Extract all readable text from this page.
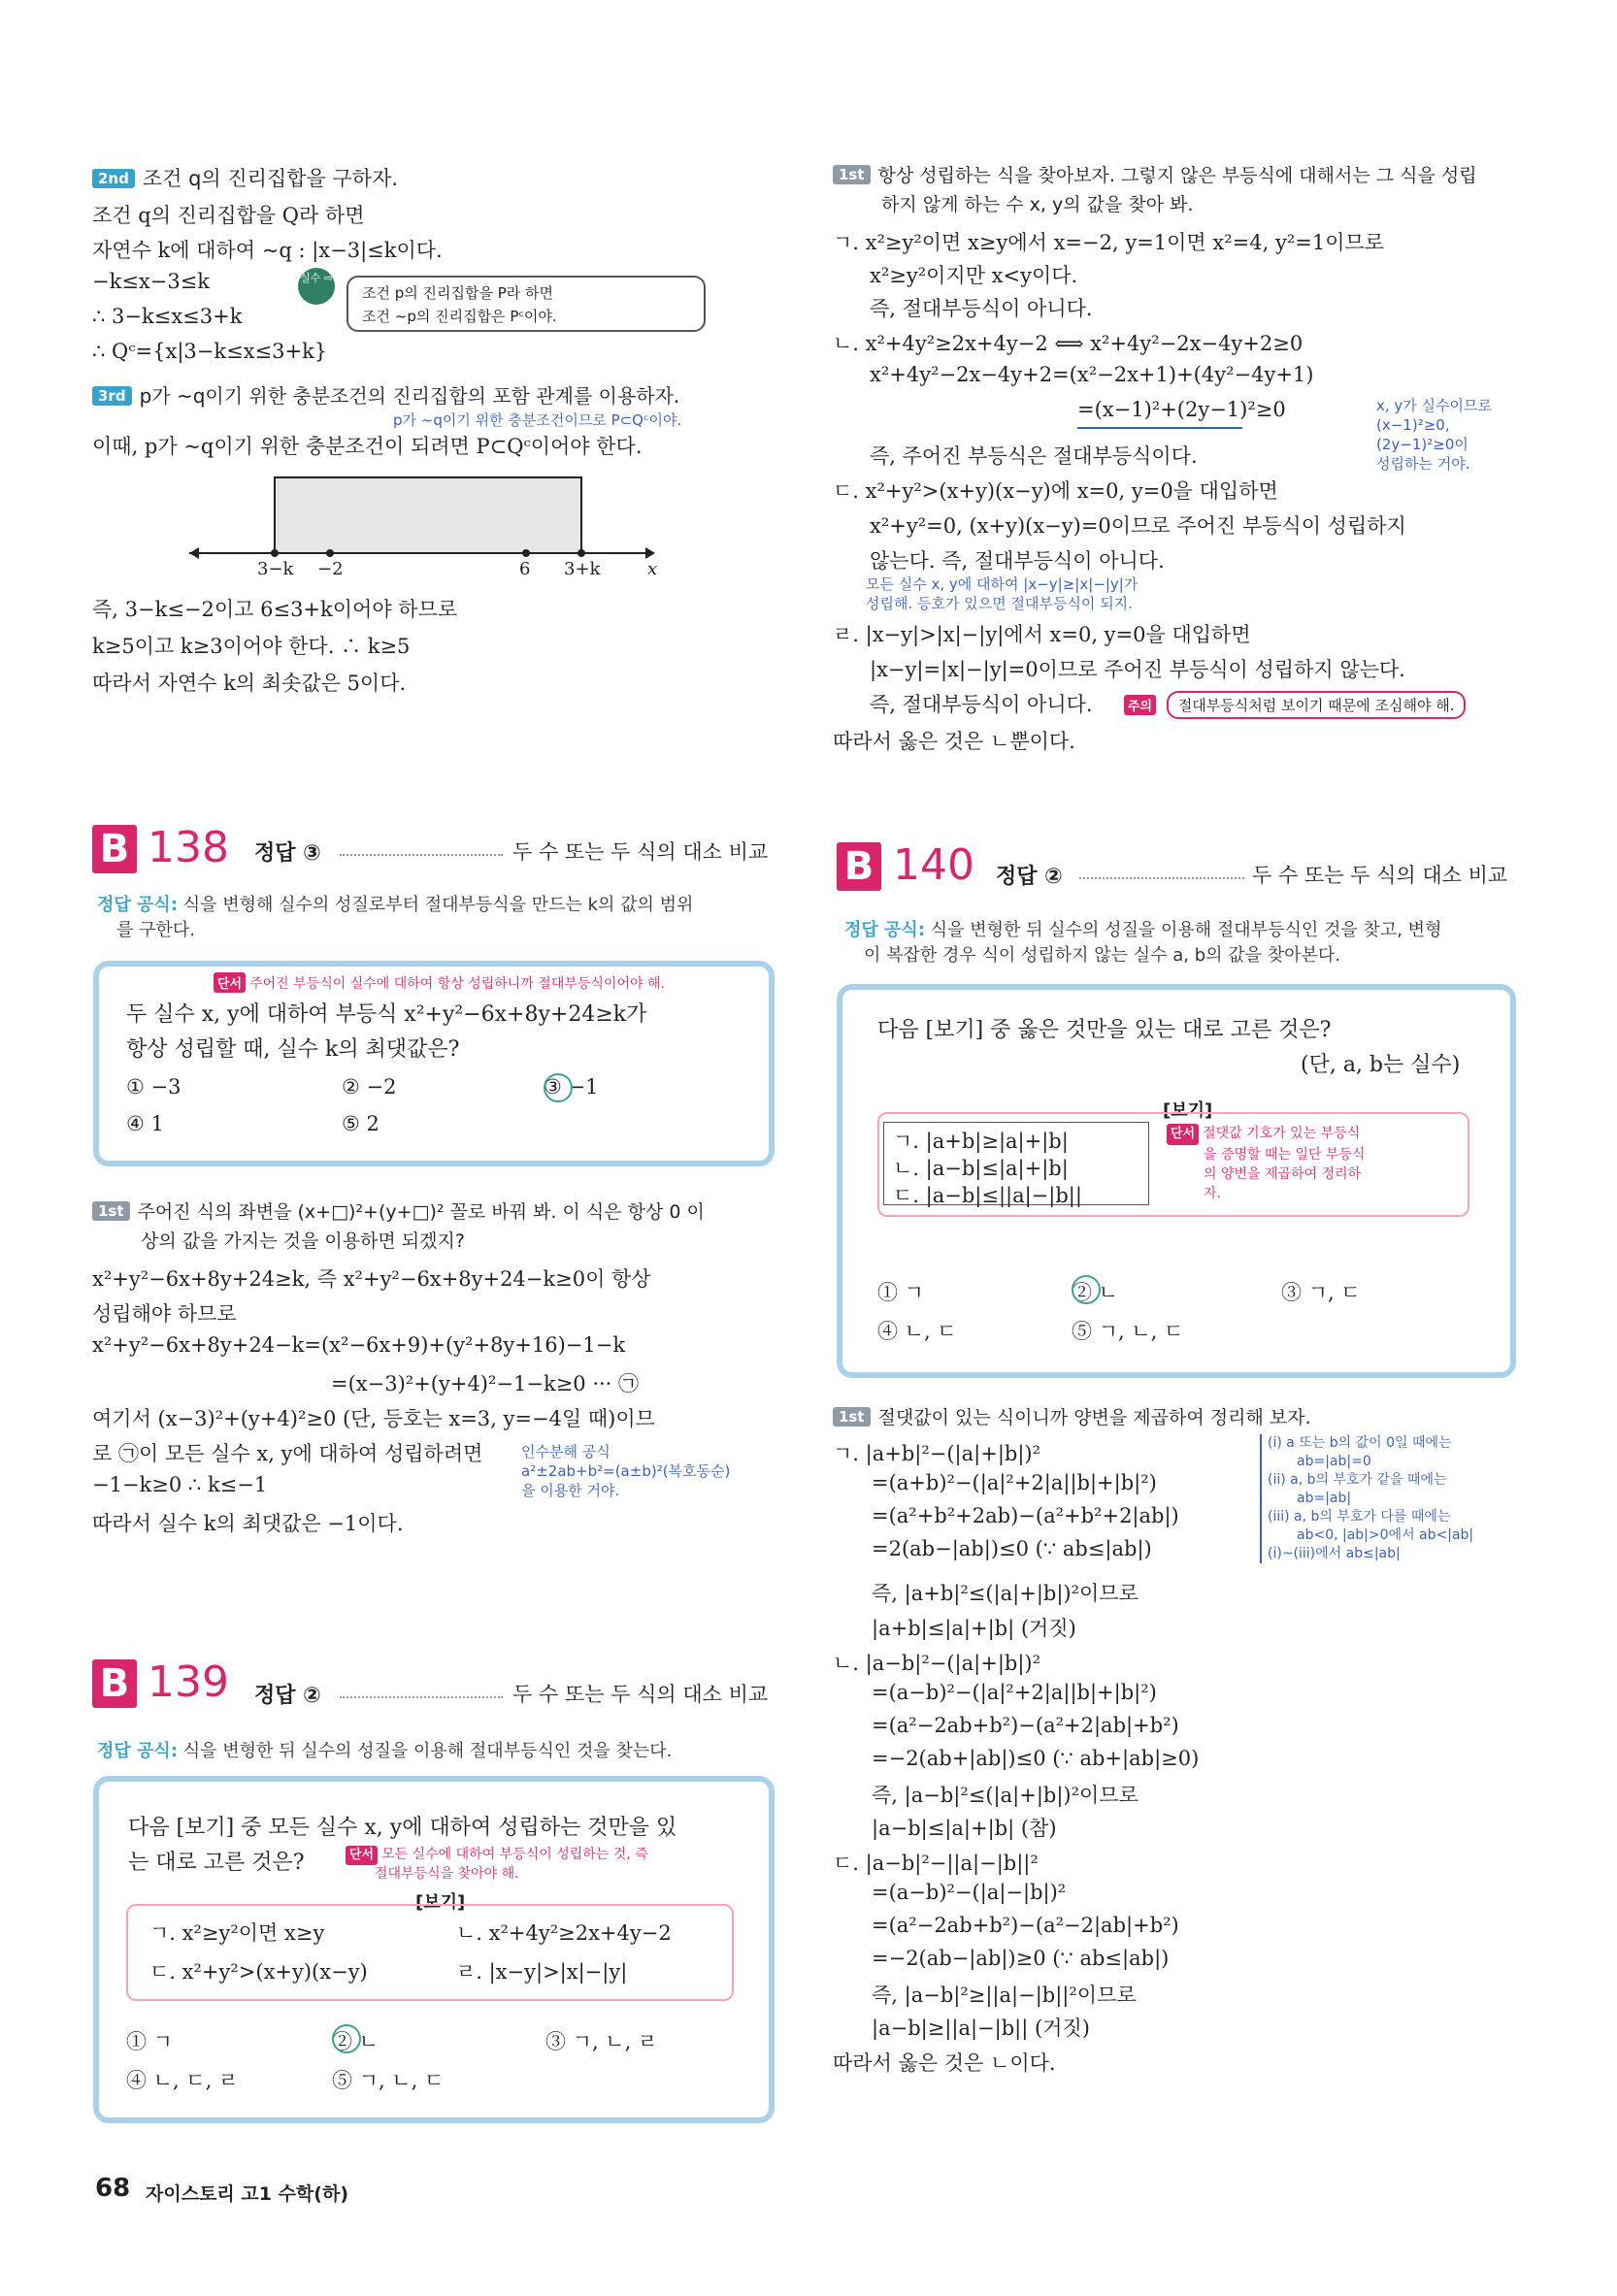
2nd 조건 q의 진리집합을 구하자.
조건 q의 진리집합을 Q라 하면
자연수 k에 대하여 ~q : |x−3|≤k이다.
−k≤x−3≤k
∴ 3−k≤x≤3+k
∴ Qᶜ={x|3−k≤x≤3+k}
실수 ⇨
조건 p의 진리집합을 P라 하면
조건 ~p의 진리집합은 Pᶜ이야.
3rd p가 ~q이기 위한 충분조건의 진리집합의 포함 관계를 이용하자.
p가 ~q이기 위한 충분조건이므로 P⊂Qᶜ이야.
이때, p가 ~q이기 위한 충분조건이 되려면 P⊂Qᶜ이어야 한다.
3−k −2	6 3+k	x
즉, 3−k≤−2이고 6≤3+k이어야 하므로
k≥5이고 k≥3이어야 한다. ∴ k≥5
따라서 자연수 k의 최솟값은 5이다.
1st 항상 성립하는 식을 찾아보자. 그렇지 않은 부등식에 대해서는 그 식을 성립
하지 않게 하는 수 x, y의 값을 찾아 봐.
ㄱ. x²≥y²이면 x≥y에서 x=−2, y=1이면 x²=4, y²=1이므로
x²≥y²이지만 x<y이다.
즉, 절대부등식이 아니다.
ㄴ. x²+4y²≥2x+4y−2 ⟺ x²+4y²−2x−4y+2≥0
x²+4y²−2x−4y+2=(x²−2x+1)+(4y²−4y+1)
=(x−1)²+(2y−1)²≥0
즉, 주어진 부등식은 절대부등식이다.
ㄷ. x²+y²>(x+y)(x−y)에 x=0, y=0을 대입하면
x²+y²=0, (x+y)(x−y)=0이므로 주어진 부등식이 성립하지
않는다. 즉, 절대부등식이 아니다.
x, y가 실수이므로
(x−1)²≥0,
(2y−1)²≥0이
성립하는 거야.
모든 실수 x, y에 대하여 |x−y|≥|x|−|y|가
성립해. 등호가 있으면 절대부등식이 되지.
ㄹ. |x−y|>|x|−|y|에서 x=0, y=0을 대입하면
|x−y|=|x|−|y|=0이므로 주어진 부등식이 성립하지 않는다.
즉, 절대부등식이 아니다.	주의 절대부등식처럼 보이기 때문에 조심해야 해.
따라서 옳은 것은 ㄴ뿐이다.
B 138 정답 ③	두 수 또는 두 식의 대소 비교
정답 공식: 식을 변형해 실수의 성질로부터 절대부등식을 만드는 k의 값의 범위
를 구한다.
단서 주어진 부등식이 실수에 대하여 항상 성립하니까 절대부등식이어야 해.
두 실수 x, y에 대하여 부등식 x²+y²−6x+8y+24≥k가
항상 성립할 때, 실수 k의 최댓값은?
① −3	② −2	③ −1
④ 1	⑤ 2
1st 주어진 식의 좌변을 (x+□)²+(y+□)² 꼴로 바꿔 봐. 이 식은 항상 0 이
상의 값을 가지는 것을 이용하면 되겠지?
x²+y²−6x+8y+24≥k, 즉 x²+y²−6x+8y+24−k≥0이 항상
성립해야 하므로
x²+y²−6x+8y+24−k=(x²−6x+9)+(y²+8y+16)−1−k
=(x−3)²+(y+4)²−1−k≥0 ··· ㉠
여기서 (x−3)²+(y+4)²≥0 (단, 등호는 x=3, y=−4일 때)이므
로 ㉠이 모든 실수 x, y에 대하여 성립하려면
−1−k≥0 ∴ k≤−1
따라서 실수 k의 최댓값은 −1이다.
인수분해 공식
a²±2ab+b²=(a±b)²(복호동순)
을 이용한 거야.
B 139 정답 ②	두 수 또는 두 식의 대소 비교
정답 공식: 식을 변형한 뒤 실수의 성질을 이용해 절대부등식인 것을 찾는다.
다음 [보기] 중 모든 실수 x, y에 대하여 성립하는 것만을 있
는 대로 고른 것은?	단서 모든 실수에 대하여 부등식이 성립하는 것, 즉
절대부등식을 찾아야 해.
[보기]
ㄱ. x²≥y²이면 x≥y	ㄴ. x²+4y²≥2x+4y−2
ㄷ. x²+y²>(x+y)(x−y)	ㄹ. |x−y|>|x|−|y|
① ㄱ	② ㄴ	③ ㄱ, ㄴ, ㄹ
④ ㄴ, ㄷ, ㄹ	⑤ ㄱ, ㄴ, ㄷ
B 140 정답 ②	두 수 또는 두 식의 대소 비교
정답 공식: 식을 변형한 뒤 실수의 성질을 이용해 절대부등식인 것을 찾고, 변형
이 복잡한 경우 식이 성립하지 않는 실수 a, b의 값을 찾아본다.
다음 [보기] 중 옳은 것만을 있는 대로 고른 것은?
(단, a, b는 실수)
[보기]
ㄱ. |a+b|≥|a|+|b|
ㄴ. |a−b|≤|a|+|b|
ㄷ. |a−b|≤||a|−|b||
단서 절댓값 기호가 있는 부등식
을 증명할 때는 일단 부등식
의 양변을 제곱하여 정리하
자.
① ㄱ	② ㄴ	③ ㄱ, ㄷ
④ ㄴ, ㄷ	⑤ ㄱ, ㄴ, ㄷ
1st 절댓값이 있는 식이니까 양변을 제곱하여 정리해 보자.
ㄱ. |a+b|²−(|a|+|b|)²
=(a+b)²−(|a|²+2|a||b|+|b|²)
=(a²+b²+2ab)−(a²+b²+2|ab|)
=2(ab−|ab|)≤0 (∵ ab≤|ab|)
즉, |a+b|²≤(|a|+|b|)²이므로
|a+b|≤|a|+|b| (거짓)
ㄴ. |a−b|²−(|a|+|b|)²
=(a−b)²−(|a|²+2|a||b|+|b|²)
=(a²−2ab+b²)−(a²+2|ab|+b²)
=−2(ab+|ab|)≤0 (∵ ab+|ab|≥0)
즉, |a−b|²≤(|a|+|b|)²이므로
|a−b|≤|a|+|b| (참)
ㄷ. |a−b|²−||a|−|b||²
=(a−b)²−(|a|−|b|)²
=(a²−2ab+b²)−(a²−2|ab|+b²)
=−2(ab−|ab|)≥0 (∵ ab≤|ab|)
즉, |a−b|²≥||a|−|b||²이므로
|a−b|≥||a|−|b|| (거짓)
따라서 옳은 것은 ㄴ이다.
(i) a 또는 b의 값이 0일 때에는
ab=|ab|=0
(ii) a, b의 부호가 같을 때에는
ab=|ab|
(iii) a, b의 부호가 다를 때에는
ab<0, |ab|>0에서 ab<|ab|
(i)~(iii)에서 ab≤|ab|
68 자이스토리 고1 수학(하)
